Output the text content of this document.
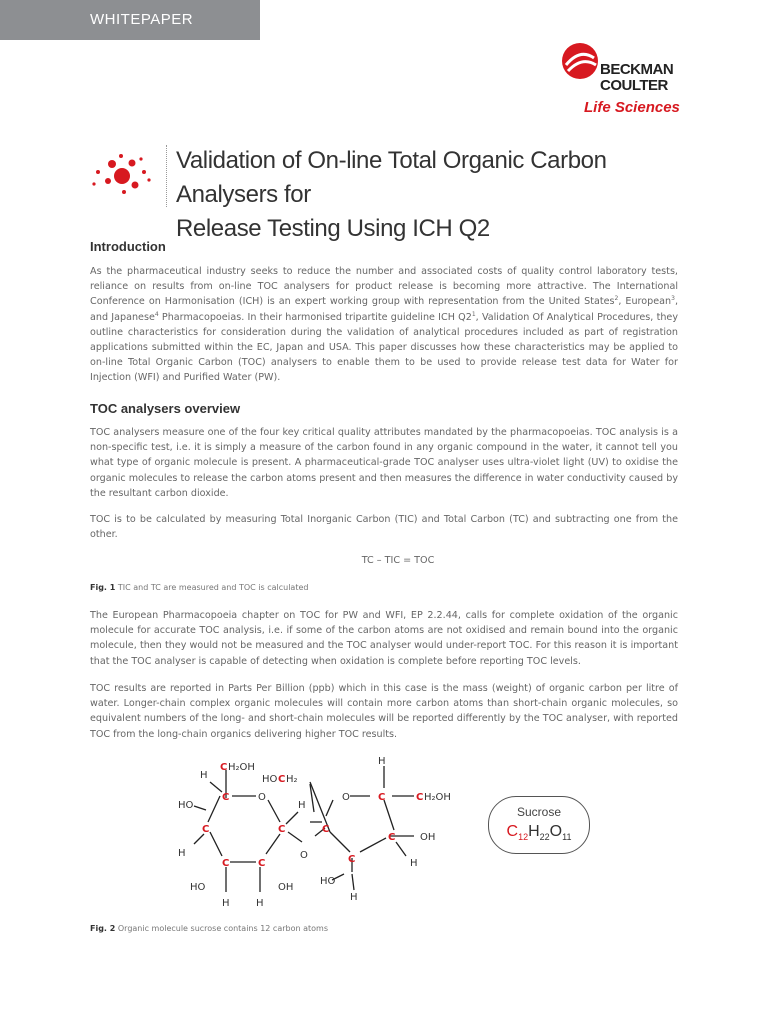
WHITEPAPER
BECKMAN
COULTER
Life Sciences
Validation of On-line Total Organic Carbon Analysers for
Release Testing Using ICH Q2
Introduction

As the pharmaceutical industry seeks to reduce the number and associated costs of quality control laboratory tests, reliance on results from on-line TOC analysers for product release is becoming more attractive. The International Conference on Harmonisation (ICH) is an expert working group with representation from the United States$^2$, European$^3$, and Japanese$^4$ Pharmacopoeias. In their harmonised tripartite guideline ICH $Q2^1$, Validation Of Analytical Procedures, they outline characteristics for consideration during the validation of analytical procedures included as part of registration applications submitted within the EC, Japan and USA. This paper discusses how these characteristics may be applied to on-line Total Organic Carbon (TOC) analysers to enable them to be used to provide release test data for Water for Injection (WFI) and Purified Water (PW).

TOC analysers overview

TOC analysers measure one of the four key critical quality attributes mandated by the pharmacopoeias. TOC analysis is a non-specific test, i.e. it is simply a measure of the carbon found in any organic compound in the water, it cannot tell you what type of organic molecule is present. A pharmaceutical-grade TOC analyser uses ultra-violet light (UV) to oxidise the organic molecules to release the carbon atoms present and then measures the difference in water conductivity caused by the resultant carbon dioxide.

TOC is to be calculated by measuring Total Inorganic Carbon (TIC) and Total Carbon (TC) and subtracting one from the other.

TC – TIC = TOC
Fig. 1 TIC and TC are measured and TOC is calculated

The European Pharmacopoeia chapter on TOC for PW and WFI, EP 2.2.44, calls for complete oxidation of the organic molecule for accurate TOC analysis, i.e. if some of the carbon atoms are not oxidised and remain bound into the organic molecule, then they would not be measured and the TOC analyser would under-report TOC. For this reason it is important that the TOC analyser is capable of detecting when oxidation is complete before reporting TOC levels.

TOC results are reported in Parts Per Billion (ppb) which in this case is the mass (weight) of organic carbon per litre of water. Longer-chain complex organic molecules will contain more carbon atoms than short-chain organic molecules, so equivalent numbers of the long- and short-chain molecules will be reported differently by the TOC analyser, with reported TOC from the long-chain organics delivering higher TOC results.

C H₂OH
H
C	O
HO
C
H
C	C
HO	OH
H	H
HO C H₂
H
C
O
C
O	C	C H₂OH
H
C OH
H
C
HO
H
Sucrose
$C_{12}H_{22}O_{11}$
Fig. 2 Organic molecule sucrose contains 12 carbon atoms
